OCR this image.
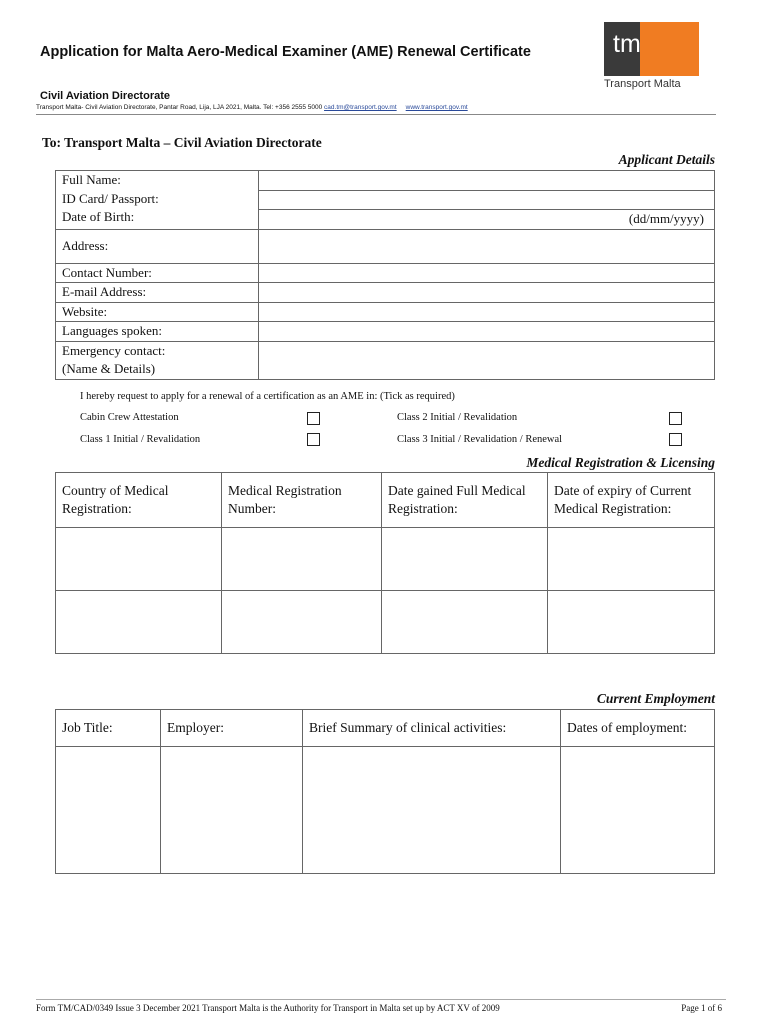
Application for Malta Aero-Medical Examiner (AME) Renewal Certificate	tm
Transport Malta
Civil Aviation Directorate
Transport Malta- Civil Aviation Directorate, Pantar Road, Lija, LJA 2021, Malta. Tel: +356 2555 5000 cad.tm@transport.gov.mt www.transport.gov.mt
To: Transport Malta – Civil Aviation Directorate
Applicant Details
Full Name:
ID Card/ Passport:
Date of Birth:	(dd/mm/yyyy)

Address:	
Contact Number:	
E-mail Address:	
Website:	
Languages spoken:	

Emergency contact:
(Name & Details)	

I hereby request to apply for a renewal of a certification as an AME in: (Tick as required)
Cabin Crew Attestation	Class 2 Initial / Revalidation
Class 1 Initial / Revalidation	Class 3 Initial / Revalidation / Renewal
Medical Registration & Licensing
Country of Medical Registration:	Medical Registration Number:	Date gained Full Medical Registration:	Date of expiry of Current Medical Registration:

Current Employment
Job Title:	Employer:	Brief Summary of clinical activities:	Dates of employment:

Form TM/CAD/0349 Issue 3 December 2021 Transport Malta is the Authority for Transport in Malta set up by ACT XV of 2009	Page 1 of 6
